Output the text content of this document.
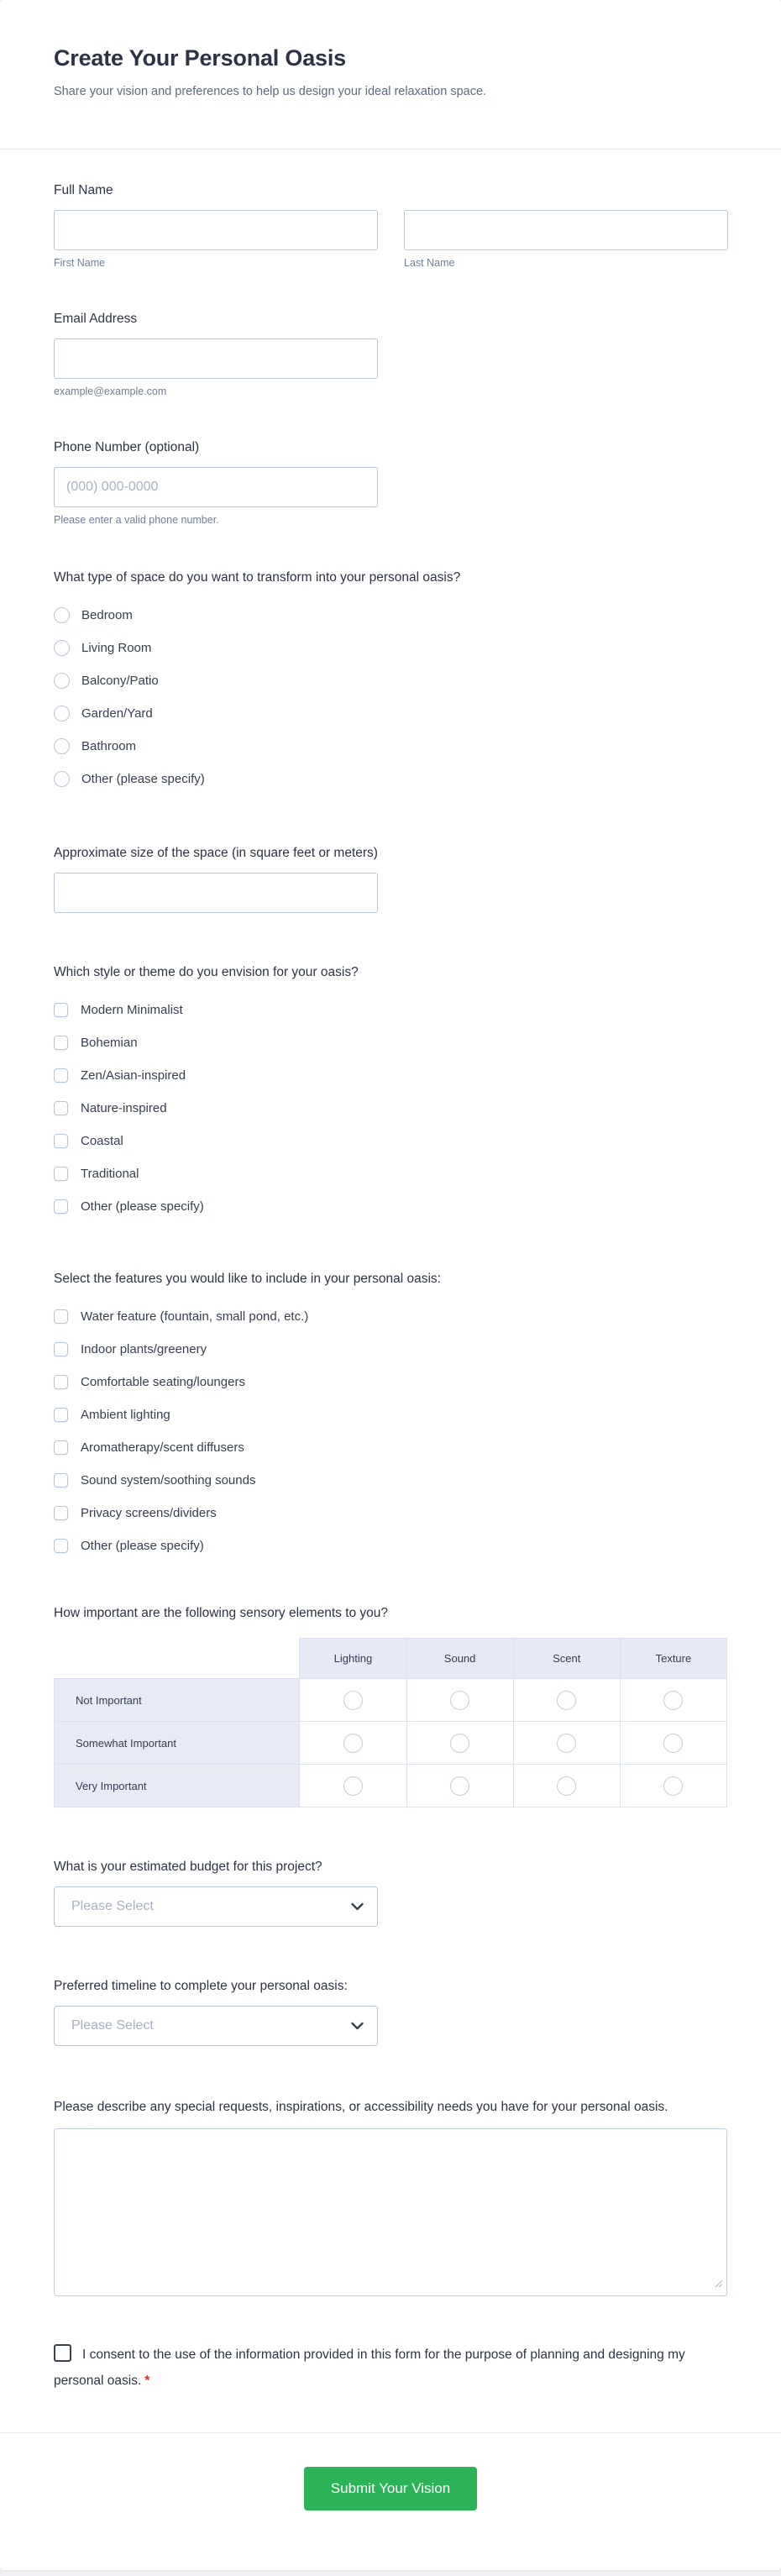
Create Your Personal Oasis
Share your vision and preferences to help us design your ideal relaxation space.
Full Name
First Name	Last Name
Email Address
example@example.com
Phone Number (optional)
(000) 000-0000
Please enter a valid phone number.
What type of space do you want to transform into your personal oasis?
Bedroom
Living Room
Balcony/Patio
Garden/Yard
Bathroom
Other (please specify)
Approximate size of the space (in square feet or meters)
Which style or theme do you envision for your oasis?
Modern Minimalist
Bohemian
Zen/Asian-inspired
Nature-inspired
Coastal
Traditional
Other (please specify)
Select the features you would like to include in your personal oasis:
Water feature (fountain, small pond, etc.)
Indoor plants/greenery
Comfortable seating/loungers
Ambient lighting
Aromatherapy/scent diffusers
Sound system/soothing sounds
Privacy screens/dividers
Other (please specify)
How important are the following sensory elements to you?
	Lighting	Sound	Scent	Texture
Not Important				
Somewhat Important				
Very Important				
What is your estimated budget for this project?
Please Select
Preferred timeline to complete your personal oasis:
Please Select
Please describe any special requests, inspirations, or accessibility needs you have for your personal oasis.
I consent to the use of the information provided in this form for the purpose of planning and designing my personal oasis. *
Submit Your Vision
